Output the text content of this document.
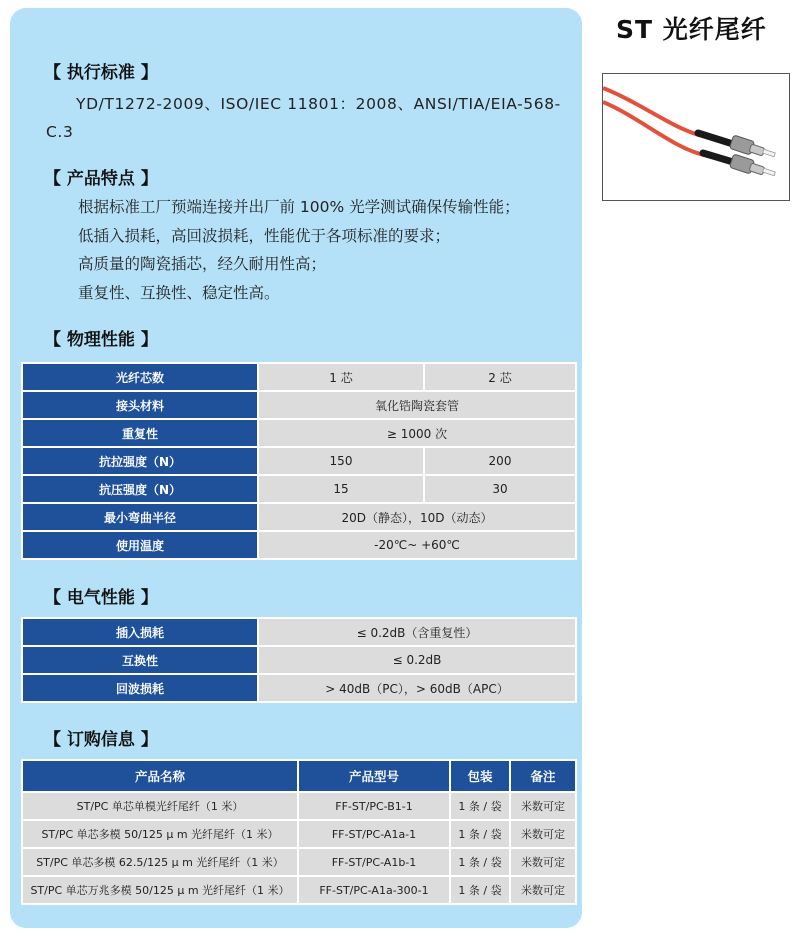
ST 光纤尾纤
【 执行标准 】

YD/T1272-2009、ISO/IEC 11801：2008、ANSI/TIA/EIA-568-C.3

【 产品特点 】
根据标准工厂预端连接并出厂前 100% 光学测试确保传输性能；
低插入损耗，高回波损耗，性能优于各项标准的要求；
高质量的陶瓷插芯，经久耐用性高；
重复性、互换性、稳定性高。
【 物理性能 】
光纤芯数	1 芯	2 芯
接头材料	氧化锆陶瓷套管	
重复性	≥ 1000 次	
抗拉强度（N）	150	200
抗压强度（N）	15	30
最小弯曲半径	20D（静态），10D（动态）	
使用温度	-20℃~ +60℃	
【 电气性能 】
插入损耗	≤ 0.2dB（含重复性）
互换性	≤ 0.2dB
回波损耗	> 40dB（PC），> 60dB（APC）
【 订购信息 】
产品名称	产品型号	包装	备注
ST/PC 单芯单模光纤尾纤（1 米）	FF-ST/PC-B1-1	1 条 / 袋	米数可定
ST/PC 单芯多模 50/125 μ m 光纤尾纤（1 米）	FF-ST/PC-A1a-1	1 条 / 袋	米数可定
ST/PC 单芯多模 62.5/125 μ m 光纤尾纤（1 米）	FF-ST/PC-A1b-1	1 条 / 袋	米数可定
ST/PC 单芯万兆多模 50/125 μ m 光纤尾纤（1 米）	FF-ST/PC-A1a-300-1	1 条 / 袋	米数可定
